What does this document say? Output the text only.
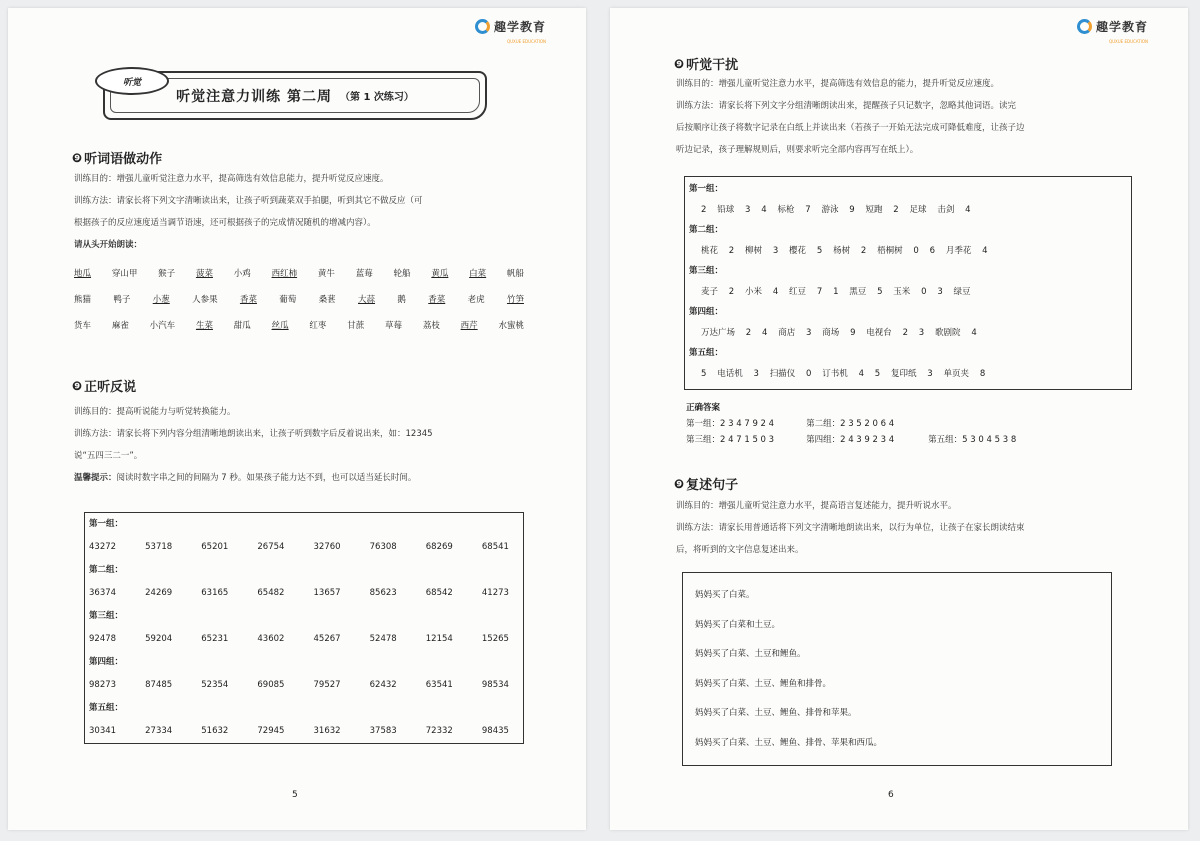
趣学教育
QUXUE EDUCATION
听觉注意力训练 第二周 （第 1 次练习）
听觉
❾ 听词语做动作
训练目的：增强儿童听觉注意力水平，提高筛选有效信息能力，提升听觉反应速度。
训练方法：请家长将下列文字清晰读出来，让孩子听到蔬菜双手拍腿，听到其它不做反应（可
根据孩子的反应速度适当调节语速，还可根据孩子的完成情况随机的增减内容）。
请从头开始朗读：
地瓜 穿山甲 猴子 菠菜 小鸡 西红柿 黄牛 蓝莓 轮船 黄瓜 白菜 帆船
熊猫	鸭子	小葱	人参果	香菜	葡萄	桑葚	大蒜	鹅	香菜	老虎	竹笋
货车 麻雀 小汽车 生菜 甜瓜 丝瓜 红枣 甘蔗 草莓 荔枝 西芹 水蜜桃
❾ 正听反说
训练目的：提高听说能力与听觉转换能力。
训练方法：请家长将下列内容分组清晰地朗读出来，让孩子听到数字后反着说出来，如：12345
说“五四三二一”。
温馨提示：阅读时数字串之间的间隔为 7 秒。如果孩子能力达不到，也可以适当延长时间。
第一组：
43272	53718	65201	26754	32760	76308	68269	68541
第二组：
36374	24269	63165	65482	13657	85623	68542	41273
第三组：
92478	59204	65231	43602	45267	52478	12154	15265
第四组：
98273	87485	52354	69085	79527	62432	63541	98534
第五组：
30341	27334	51632	72945	31632	37583	72332	98435
5
趣学教育
QUXUE EDUCATION
❾ 听觉干扰
训练目的：增强儿童听觉注意力水平，提高筛选有效信息的能力，提升听觉反应速度。
训练方法：请家长将下列文字分组清晰朗读出来，提醒孩子只记数字，忽略其他词语。读完
后按顺序让孩子将数字记录在白纸上并读出来（若孩子一开始无法完成可降低难度，让孩子边
听边记录，孩子理解规则后，则要求听完全部内容再写在纸上）。
第一组：
2    铅球    3    4    标枪    7    游泳    9    短跑    2    足球    击剑    4
第二组：
桃花    2    柳树    3    樱花    5    杨树    2    梧桐树    0    6    月季花    4
第三组：
麦子    2    小米    4    红豆    7    1    黑豆    5    玉米    0    3    绿豆
第四组：
万达广场    2    4    商店    3    商场    9    电视台    2    3    歌剧院    4
第五组：
5    电话机    3    扫描仪    0    订书机    4    5    复印纸    3    单页夹    8
正确答案
第一组：2 3 4 7 9 2 4	第二组：2 3 5 2 0 6 4
第三组：2 4 7 1 5 0 3	第四组：2 4 3 9 2 3 4	第五组：5 3 0 4 5 3 8
❾ 复述句子
训练目的：增强儿童听觉注意力水平，提高语言复述能力，提升听说水平。
训练方法：请家长用普通话将下列文字清晰地朗读出来，以行为单位，让孩子在家长朗读结束
后，将听到的文字信息复述出来。
妈妈买了白菜。
妈妈买了白菜和土豆。
妈妈买了白菜、土豆和鲤鱼。
妈妈买了白菜、土豆、鲤鱼和排骨。
妈妈买了白菜、土豆、鲤鱼、排骨和苹果。
妈妈买了白菜、土豆、鲤鱼、排骨、苹果和西瓜。
6
